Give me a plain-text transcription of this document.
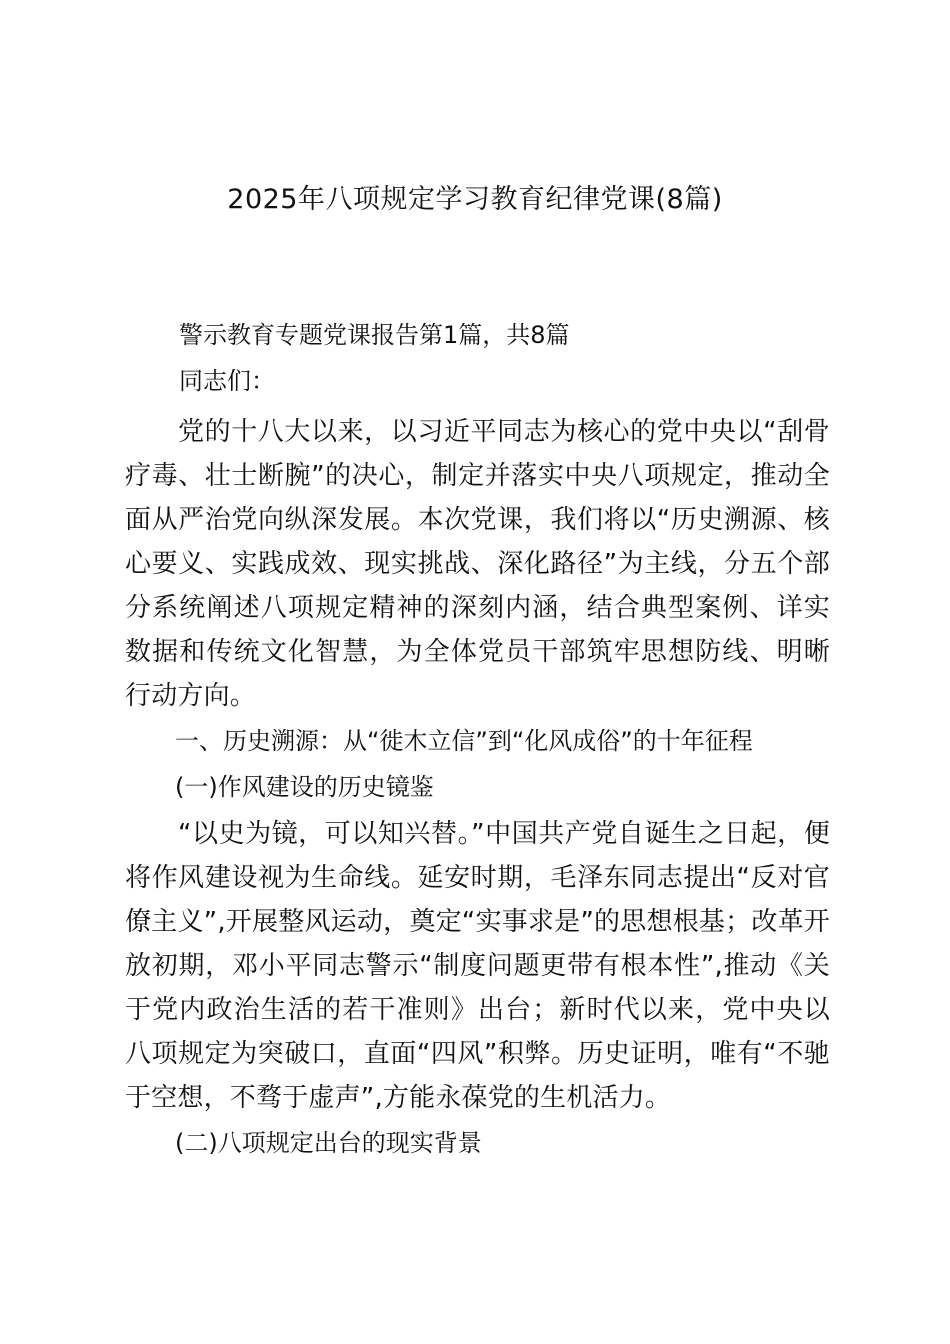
2025年八项规定学习教育纪律党课(8篇)
警示教育专题党课报告第1篇，共8篇
同志们：

党的十八大以来，以习近平同志为核心的党中央以“刮骨疗毒、壮士断腕”的决心，制定并落实中央八项规定，推动全面从严治党向纵深发展。本次党课，我们将以“历史溯源、核心要义、实践成效、现实挑战、深化路径”为主线，分五个部分系统阐述八项规定精神的深刻内涵，结合典型案例、详实数据和传统文化智慧，为全体党员干部筑牢思想防线、明晰行动方向。

一、历史溯源：从“徙木立信”到“化风成俗”的十年征程
(一)作风建设的历史镜鉴

“以史为镜，可以知兴替。”中国共产党自诞生之日起，便将作风建设视为生命线。延安时期，毛泽东同志提出“反对官僚主义”,开展整风运动，奠定“实事求是”的思想根基；改革开放初期，邓小平同志警示“制度问题更带有根本性”,推动《关于党内政治生活的若干准则》出台；新时代以来，党中央以八项规定为突破口，直面“四风”积弊。历史证明，唯有“不驰于空想，不骛于虚声”,方能永葆党的生机活力。

(二)八项规定出台的现实背景
